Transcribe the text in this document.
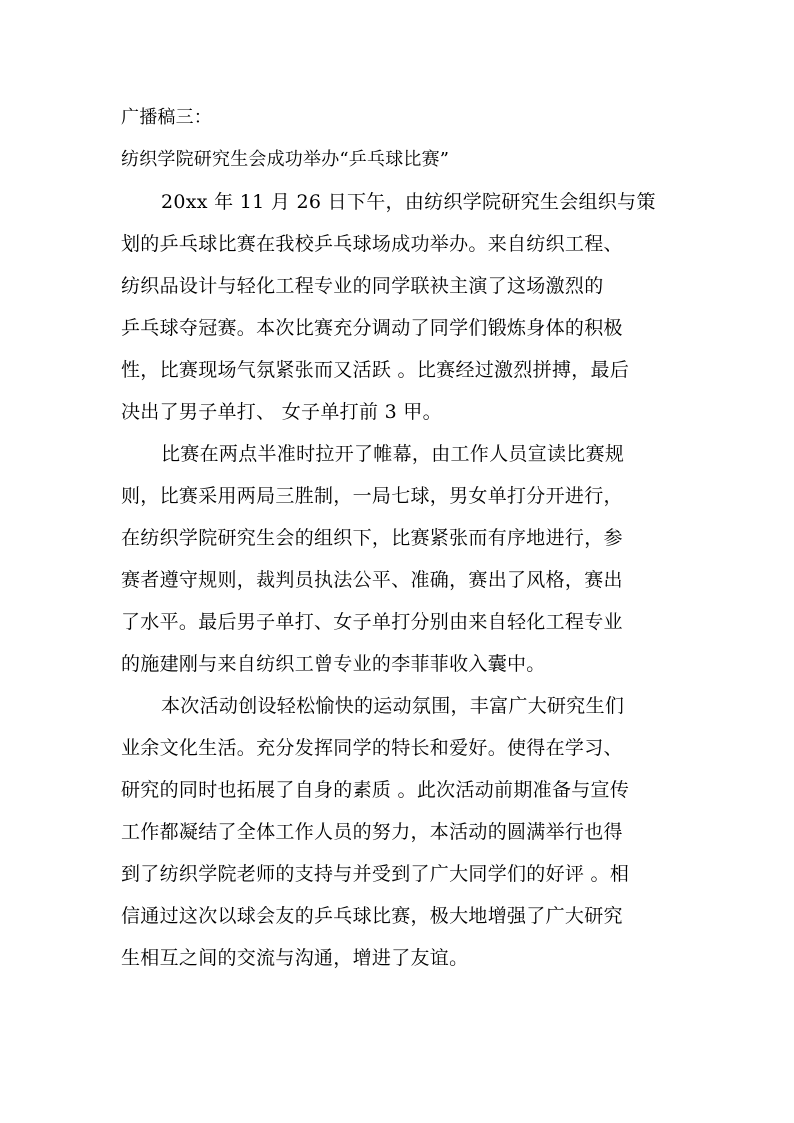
广播稿三：

纺织学院研究生会成功举办“乒乓球比赛”

20xx 年 11 月 26 日下午，由纺织学院研究生会组织与策

划的乒乓球比赛在我校乒乓球场成功举办。来自纺织工程、

纺织品设计与轻化工程专业的同学联袂主演了这场激烈的

乒乓球夺冠赛。本次比赛充分调动了同学们锻炼身体的积极

性，比赛现场气氛紧张而又活跃 。比赛经过激烈拼搏，最后

决出了男子单打、 女子单打前 3 甲。

比赛在两点半准时拉开了帷幕，由工作人员宣读比赛规

则，比赛采用两局三胜制，一局七球，男女单打分开进行，

在纺织学院研究生会的组织下，比赛紧张而有序地进行，参

赛者遵守规则，裁判员执法公平、准确，赛出了风格，赛出

了水平。最后男子单打、女子单打分别由来自轻化工程专业

的施建刚与来自纺织工曾专业的李菲菲收入囊中。

本次活动创设轻松愉快的运动氛围，丰富广大研究生们

业余文化生活。充分发挥同学的特长和爱好。使得在学习、

研究的同时也拓展了自身的素质 。此次活动前期准备与宣传

工作都凝结了全体工作人员的努力，本活动的圆满举行也得

到了纺织学院老师的支持与并受到了广大同学们的好评 。相

信通过这次以球会友的乒乓球比赛，极大地增强了广大研究

生相互之间的交流与沟通，增进了友谊。
